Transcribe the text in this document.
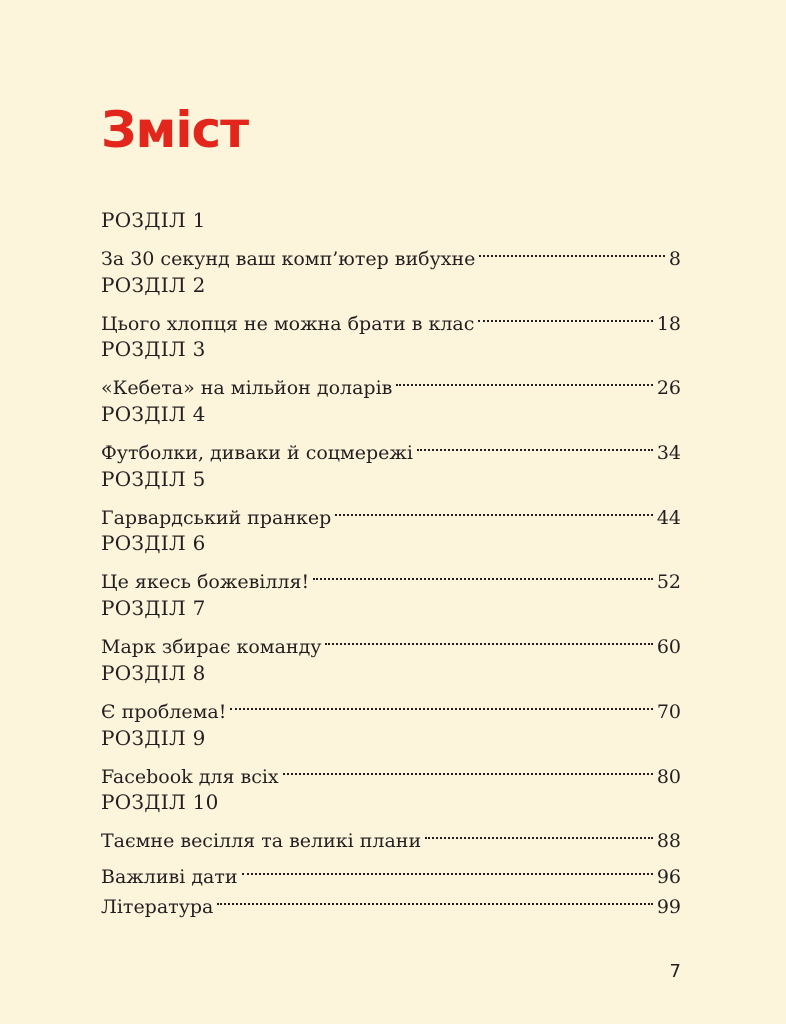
Зміст
РОЗДІЛ 1
За 30 секунд ваш комп’ютер вибухне	8
РОЗДІЛ 2
Цього хлопця не можна брати в клас	18
РОЗДІЛ 3
«Кебета» на мільйон доларів	26
РОЗДІЛ 4
Футболки, диваки й соцмережі	34
РОЗДІЛ 5
Гарвардський пранкер	44
РОЗДІЛ 6
Це якесь божевілля!	52
РОЗДІЛ 7
Марк збирає команду	60
РОЗДІЛ 8
Є проблема!	70
РОЗДІЛ 9
Facebook для всіх	80
РОЗДІЛ 10
Таємне весілля та великі плани	88
Важливі дати	96
Література	99
7
